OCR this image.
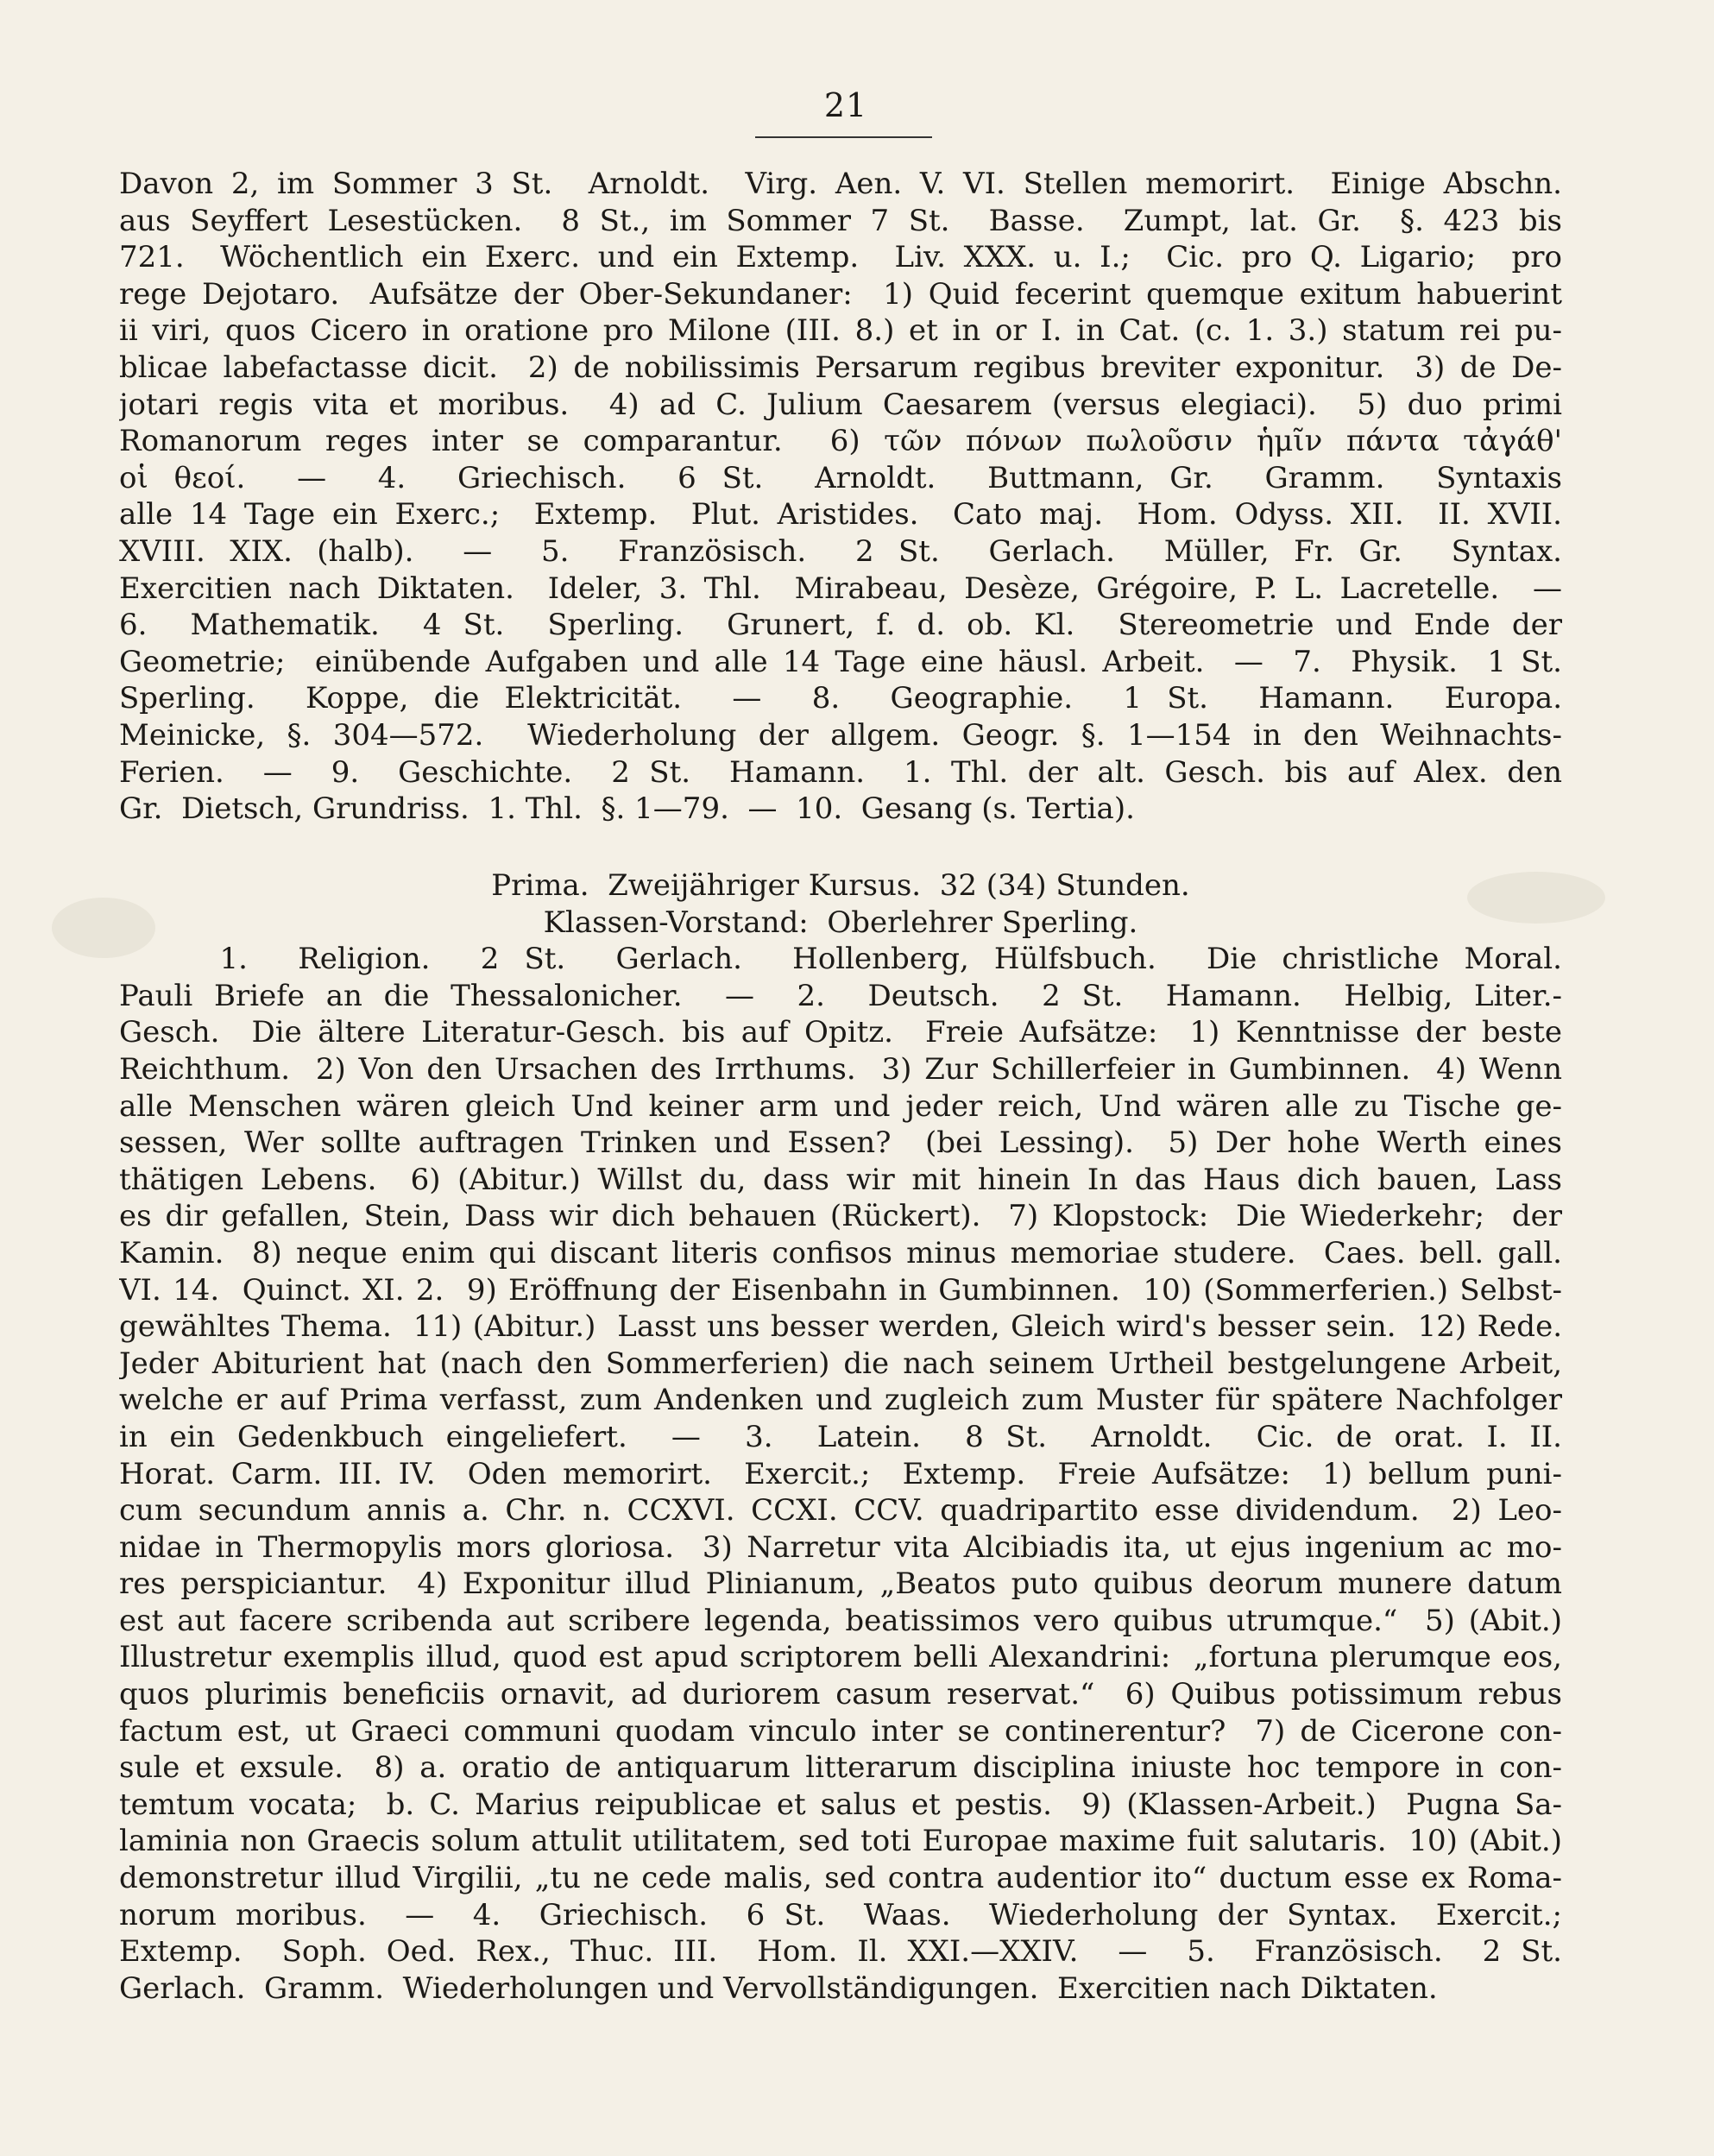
21
Davon 2, im Sommer 3 St.  Arnoldt.  Virg. Aen. V. VI. Stellen memorirt.  Einige Abschn.
aus Seyffert Lesestücken.  8 St., im Sommer 7 St.  Basse.  Zumpt, lat. Gr.  §. 423 bis
721.  Wöchentlich ein Exerc. und ein Extemp.  Liv. XXX. u. I.;  Cic. pro Q. Ligario;  pro
rege Dejotaro.  Aufsätze der Ober-Sekundaner:  1) Quid fecerint quemque exitum habuerint
ii viri, quos Cicero in oratione pro Milone (III. 8.) et in or I. in Cat. (c. 1. 3.) statum rei pu-
blicae labefactasse dicit.  2) de nobilissimis Persarum regibus breviter exponitur.  3) de De-
jotari regis vita et moribus.  4) ad C. Julium Caesarem (versus elegiaci).  5) duo primi
Romanorum reges inter se comparantur.  6) τῶν πόνων πωλοῦσιν ἡμῖν πάντα τἀγάθ'
οἱ θεοί.  —  4.  Griechisch.  6 St.  Arnoldt.  Buttmann, Gr.  Gramm.  Syntaxis
alle 14 Tage ein Exerc.;  Extemp.  Plut. Aristides.  Cato maj.  Hom. Odyss. XII.  II. XVII.
XVIII. XIX. (halb).  —  5.  Französisch.  2 St.  Gerlach.  Müller, Fr. Gr.  Syntax.
Exercitien nach Diktaten.  Ideler, 3. Thl.  Mirabeau, Desèze, Grégoire, P. L. Lacretelle.  —
6.  Mathematik.  4 St.  Sperling.  Grunert, f. d. ob. Kl.  Stereometrie und Ende der
Geometrie;  einübende Aufgaben und alle 14 Tage eine häusl. Arbeit.  —  7.  Physik.  1 St.
Sperling.  Koppe, die Elektricität.  —  8.  Geographie.  1 St.  Hamann.  Europa.
Meinicke, §. 304—572.  Wiederholung der allgem. Geogr. §. 1—154 in den Weihnachts-
Ferien.  —  9.  Geschichte.  2 St.  Hamann.  1. Thl. der alt. Gesch. bis auf Alex. den
Gr.  Dietsch, Grundriss.  1. Thl.  §. 1—79.  —  10.  Gesang (s. Tertia).
Prima.  Zweijähriger Kursus.  32 (34) Stunden.
Klassen-Vorstand:  Oberlehrer Sperling.
1.  Religion.  2 St.  Gerlach.  Hollenberg, Hülfsbuch.  Die christliche Moral.
Pauli Briefe an die Thessalonicher.  —  2.  Deutsch.  2 St.  Hamann.  Helbig, Liter.-
Gesch.  Die ältere Literatur-Gesch. bis auf Opitz.  Freie Aufsätze:  1) Kenntnisse der beste
Reichthum.  2) Von den Ursachen des Irrthums.  3) Zur Schillerfeier in Gumbinnen.  4) Wenn
alle Menschen wären gleich Und keiner arm und jeder reich, Und wären alle zu Tische ge-
sessen, Wer sollte auftragen Trinken und Essen?  (bei Lessing).  5) Der hohe Werth eines
thätigen Lebens.  6) (Abitur.) Willst du, dass wir mit hinein In das Haus dich bauen, Lass
es dir gefallen, Stein, Dass wir dich behauen (Rückert).  7) Klopstock:  Die Wiederkehr;  der
Kamin.  8) neque enim qui discant literis confisos minus memoriae studere.  Caes. bell. gall.
VI. 14.  Quinct. XI. 2.  9) Eröffnung der Eisenbahn in Gumbinnen.  10) (Sommerferien.) Selbst-
gewähltes Thema.  11) (Abitur.)  Lasst uns besser werden, Gleich wird's besser sein.  12) Rede.
Jeder Abiturient hat (nach den Sommerferien) die nach seinem Urtheil bestgelungene Arbeit,
welche er auf Prima verfasst, zum Andenken und zugleich zum Muster für spätere Nachfolger
in ein Gedenkbuch eingeliefert.  —  3.  Latein.  8 St.  Arnoldt.  Cic. de orat. I. II.
Horat. Carm. III. IV.  Oden memorirt.  Exercit.;  Extemp.  Freie Aufsätze:  1) bellum puni-
cum secundum annis a. Chr. n. CCXVI. CCXI. CCV. quadripartito esse dividendum.  2) Leo-
nidae in Thermopylis mors gloriosa.  3) Narretur vita Alcibiadis ita, ut ejus ingenium ac mo-
res perspiciantur.  4) Exponitur illud Plinianum, „Beatos puto quibus deorum munere datum
est aut facere scribenda aut scribere legenda, beatissimos vero quibus utrumque.“  5) (Abit.)
Illustretur exemplis illud, quod est apud scriptorem belli Alexandrini:  „fortuna plerumque eos,
quos plurimis beneficiis ornavit, ad duriorem casum reservat.“  6) Quibus potissimum rebus
factum est, ut Graeci communi quodam vinculo inter se continerentur?  7) de Cicerone con-
sule et exsule.  8) a. oratio de antiquarum litterarum disciplina iniuste hoc tempore in con-
temtum vocata;  b. C. Marius reipublicae et salus et pestis.  9) (Klassen-Arbeit.)  Pugna Sa-
laminia non Graecis solum attulit utilitatem, sed toti Europae maxime fuit salutaris.  10) (Abit.)
demonstretur illud Virgilii, „tu ne cede malis, sed contra audentior ito“ ductum esse ex Roma-
norum moribus.  —  4.  Griechisch.  6 St.  Waas.  Wiederholung der Syntax.  Exercit.;
Extemp.  Soph. Oed. Rex., Thuc. III.  Hom. Il. XXI.—XXIV.  —  5.  Französisch.  2 St.
Gerlach.  Gramm.  Wiederholungen und Vervollständigungen.  Exercitien nach Diktaten.
